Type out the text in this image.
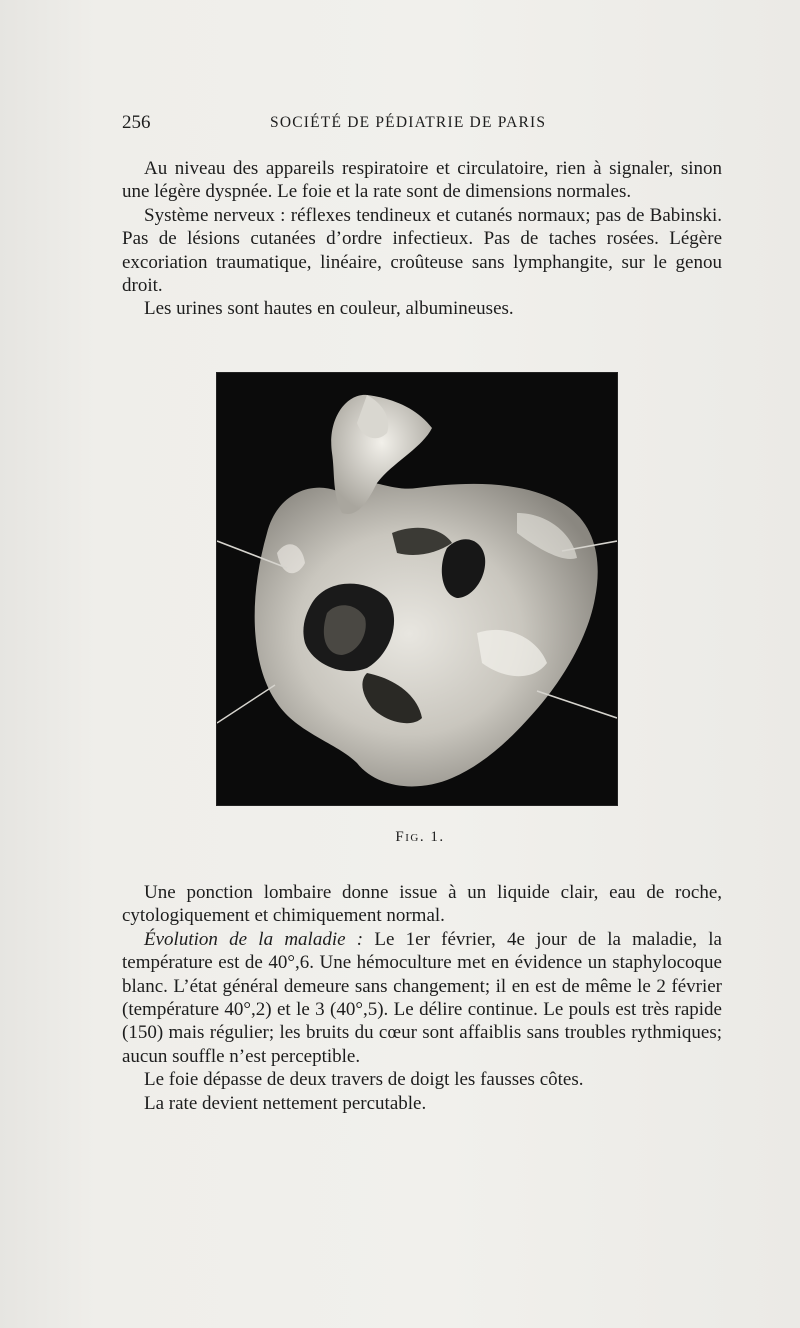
256	SOCIÉTÉ DE PÉDIATRIE DE PARIS

Au niveau des appareils respiratoire et circulatoire, rien à signaler, sinon une légère dyspnée. Le foie et la rate sont de dimensions normales.

Système nerveux : réflexes tendineux et cutanés normaux; pas de Babinski. Pas de lésions cutanées d’ordre infectieux. Pas de taches rosées. Légère excoriation traumatique, linéaire, croûteuse sans lymphangite, sur le genou droit.

Les urines sont hautes en couleur, albumineuses.

Fig. 1.

Une ponction lombaire donne issue à un liquide clair, eau de roche, cytologiquement et chimiquement normal.

Évolution de la maladie : Le 1er février, 4e jour de la maladie, la température est de 40°,6. Une hémoculture met en évidence un staphylocoque blanc. L’état général demeure sans changement; il en est de même le 2 février (température 40°,2) et le 3 (40°,5). Le délire continue. Le pouls est très rapide (150) mais régulier; les bruits du cœur sont affaiblis sans troubles rythmiques; aucun souffle n’est perceptible.

Le foie dépasse de deux travers de doigt les fausses côtes.

La rate devient nettement percutable.
